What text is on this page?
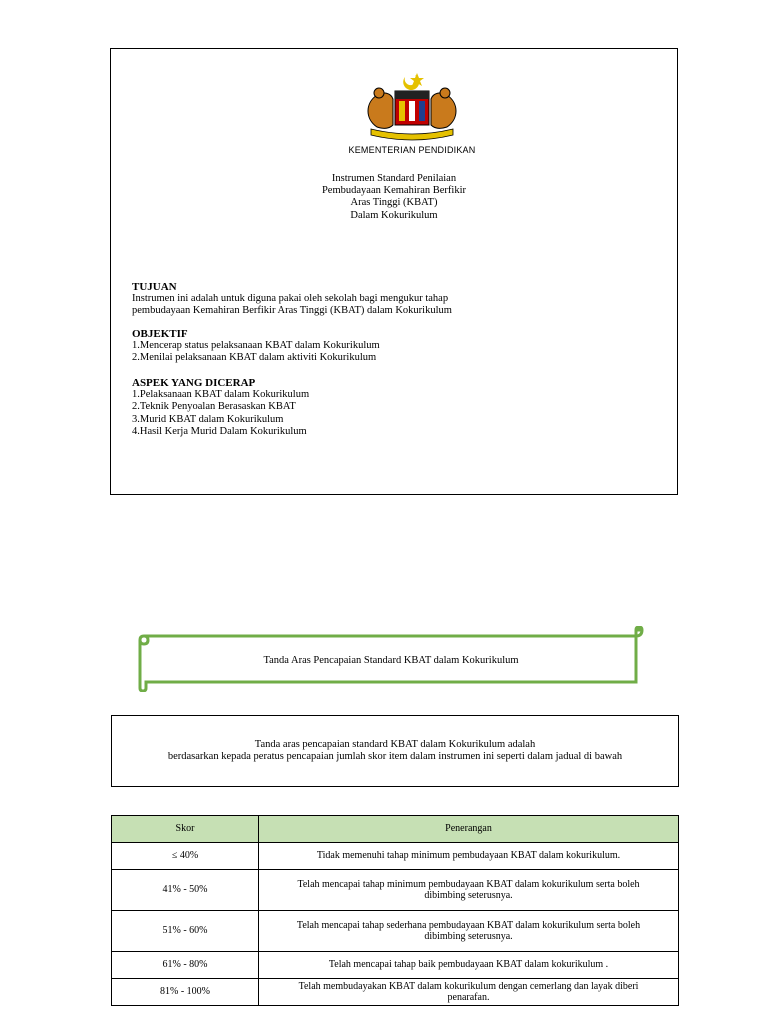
KEMENTERIAN PENDIDIKAN
Instrumen Standard Penilaian
Pembudayaan Kemahiran Berfikir
Aras Tinggi (KBAT)
Dalam Kokurikulum
TUJUAN
Instrumen ini adalah untuk diguna pakai oleh sekolah bagi mengukur tahap
pembudayaan Kemahiran Berfikir Aras Tinggi (KBAT) dalam Kokurikulum
OBJEKTIF
1.Mencerap status pelaksanaan KBAT dalam Kokurikulum
2.Menilai pelaksanaan KBAT dalam aktiviti Kokurikulum
ASPEK YANG DICERAP
1.Pelaksanaan KBAT dalam Kokurikulum
2.Teknik Penyoalan Berasaskan KBAT
3.Murid KBAT dalam Kokurikulum
4.Hasil Kerja Murid Dalam Kokurikulum
Tanda Aras Pencapaian Standard KBAT dalam Kokurikulum
Tanda aras pencapaian standard KBAT dalam Kokurikulum adalah
berdasarkan kepada peratus pencapaian jumlah skor item dalam instrumen ini seperti dalam jadual di bawah
Skor	Penerangan
≤ 40%	Tidak memenuhi tahap minimum pembudayaan KBAT dalam kokurikulum.

41% - 50%	Telah mencapai tahap minimum pembudayaan KBAT dalam kokurikulum serta boleh
dibimbing seterusnya.

51% - 60%	Telah mencapai tahap sederhana pembudayaan KBAT dalam kokurikulum serta boleh
dibimbing seterusnya.

61% - 80%	Telah mencapai tahap baik pembudayaan KBAT dalam kokurikulum .

81% - 100%	Telah membudayakan KBAT dalam kokurikulum dengan cemerlang dan layak diberi
penarafan.
